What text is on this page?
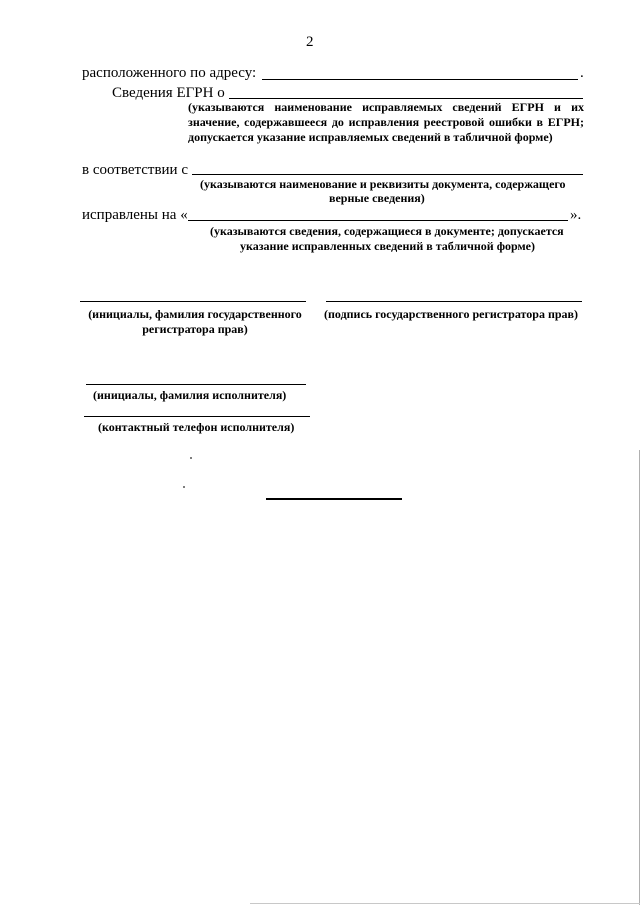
2
расположенного по адресу:	.
Сведения ЕГРН о
(указываются наименование исправляемых сведений ЕГРН и их значение, содержавшееся до исправления реестровой ошибки в ЕГРН; допускается указание исправляемых сведений в табличной форме)
в соответствии с
(указываются наименование и реквизиты документа, содержащего
верные сведения)
исправлены на «	».
(указываются сведения, содержащиеся в документе; допускается
указание исправленных сведений в табличной форме)
(инициалы, фамилия государственного
регистратора прав)
(подпись государственного регистратора прав)
(инициалы, фамилия исполнителя)
(контактный телефон исполнителя)
